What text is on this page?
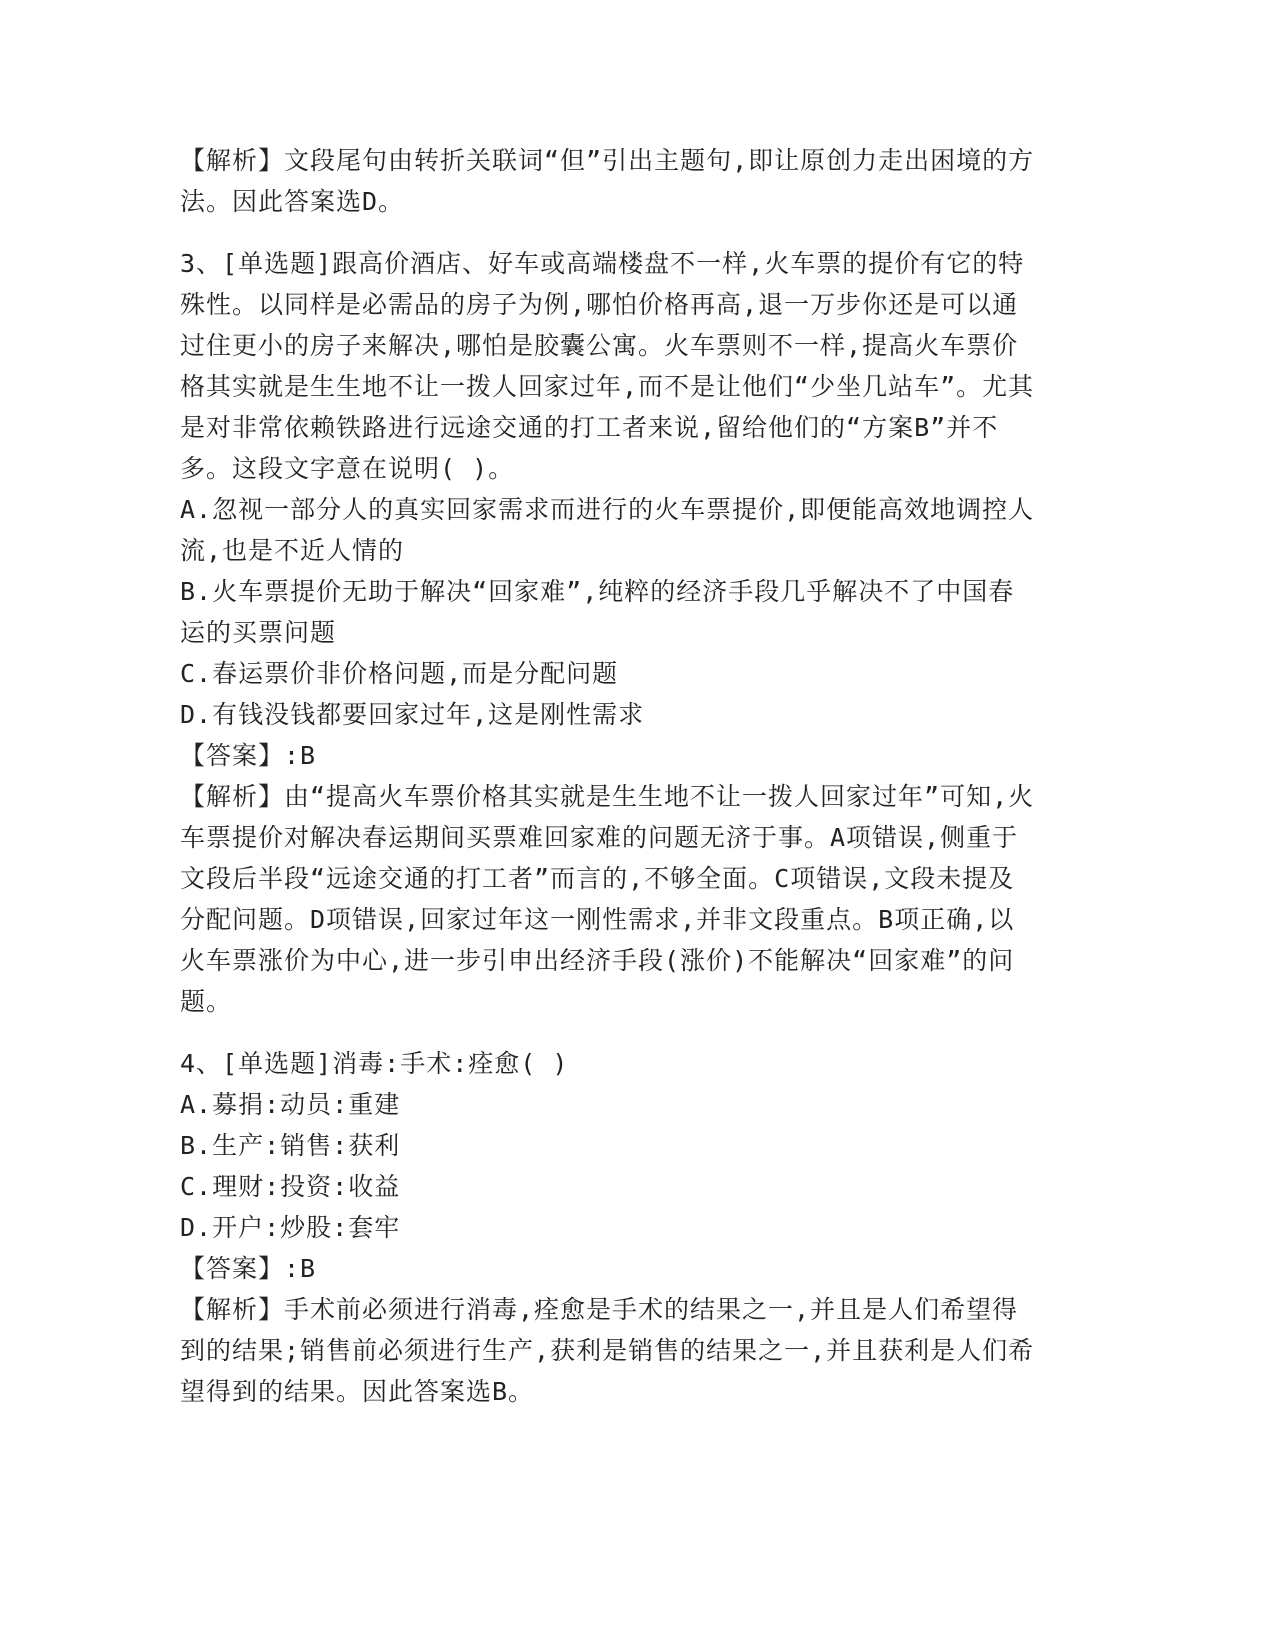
【解析】文段尾句由转折关联词“但”引出主题句,即让原创力走出困境的方法。因此答案选D。

3、[单选题]跟高价酒店、好车或高端楼盘不一样,火车票的提价有它的特殊性。以同样是必需品的房子为例,哪怕价格再高,退一万步你还是可以通过住更小的房子来解决,哪怕是胶囊公寓。火车票则不一样,提高火车票价格其实就是生生地不让一拨人回家过年,而不是让他们“少坐几站车”。尤其是对非常依赖铁路进行远途交通的打工者来说,留给他们的“方案B”并不多。这段文字意在说明( )。

A.忽视一部分人的真实回家需求而进行的火车票提价,即便能高效地调控人流,也是不近人情的

B.火车票提价无助于解决“回家难”,纯粹的经济手段几乎解决不了中国春运的买票问题

C.春运票价非价格问题,而是分配问题

D.有钱没钱都要回家过年,这是刚性需求

【答案】:B

【解析】由“提高火车票价格其实就是生生地不让一拨人回家过年”可知,火车票提价对解决春运期间买票难回家难的问题无济于事。A项错误,侧重于文段后半段“远途交通的打工者”而言的,不够全面。C项错误,文段未提及分配问题。D项错误,回家过年这一刚性需求,并非文段重点。B项正确,以火车票涨价为中心,进一步引申出经济手段(涨价)不能解决“回家难”的问题。

4、[单选题]消毒:手术:痊愈( )

A.募捐:动员:重建

B.生产:销售:获利

C.理财:投资:收益

D.开户:炒股:套牢

【答案】:B

【解析】手术前必须进行消毒,痊愈是手术的结果之一,并且是人们希望得到的结果;销售前必须进行生产,获利是销售的结果之一,并且获利是人们希望得到的结果。因此答案选B。
